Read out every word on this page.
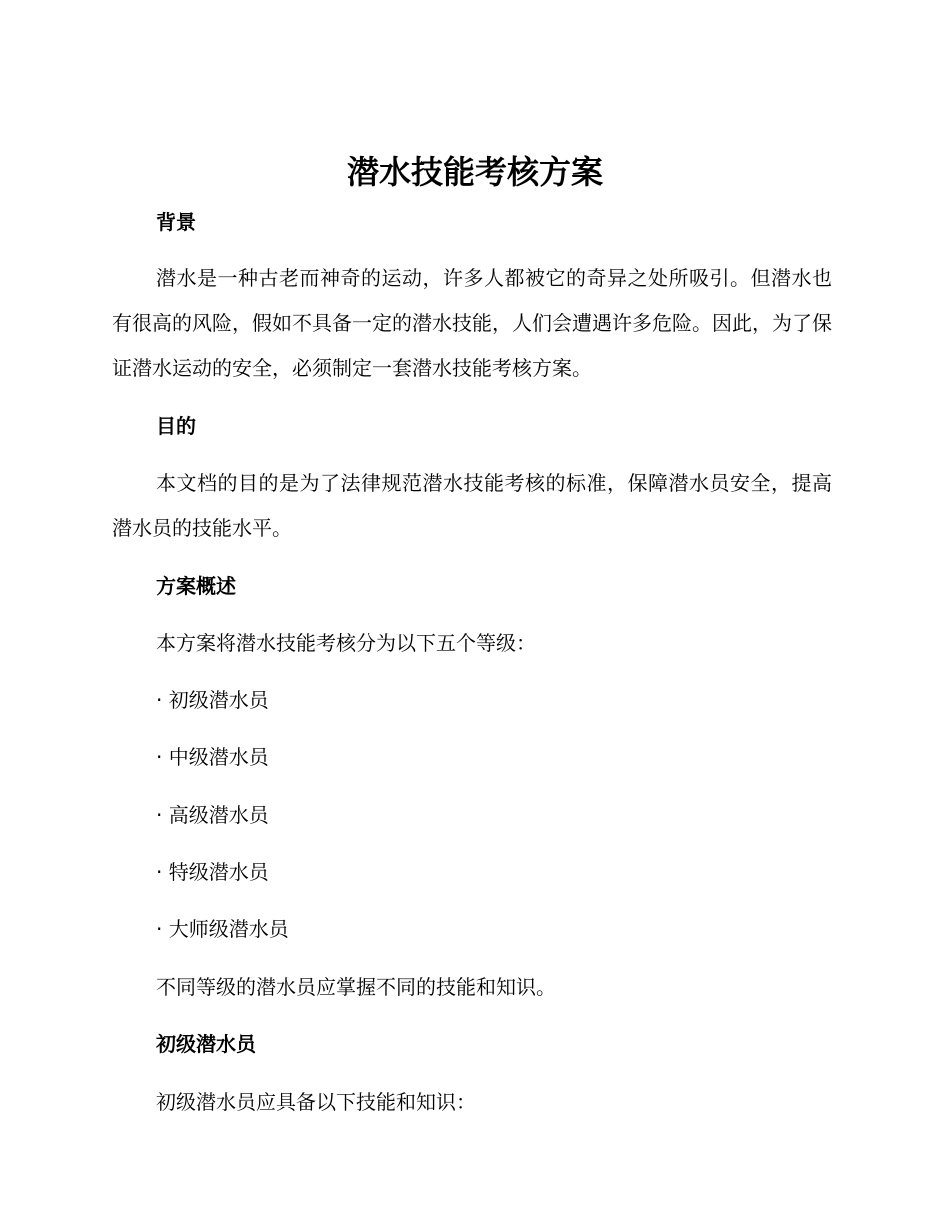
潜水技能考核方案
背景

潜水是一种古老而神奇的运动，许多人都被它的奇异之处所吸引。但潜水也有很高的风险，假如不具备一定的潜水技能，人们会遭遇许多危险。因此，为了保证潜水运动的安全，必须制定一套潜水技能考核方案。

目的

本文档的目的是为了法律规范潜水技能考核的标准，保障潜水员安全，提高潜水员的技能水平。

方案概述

本方案将潜水技能考核分为以下五个等级：

· 初级潜水员

· 中级潜水员

· 高级潜水员

· 特级潜水员

· 大师级潜水员

不同等级的潜水员应掌握不同的技能和知识。

初级潜水员

初级潜水员应具备以下技能和知识：
